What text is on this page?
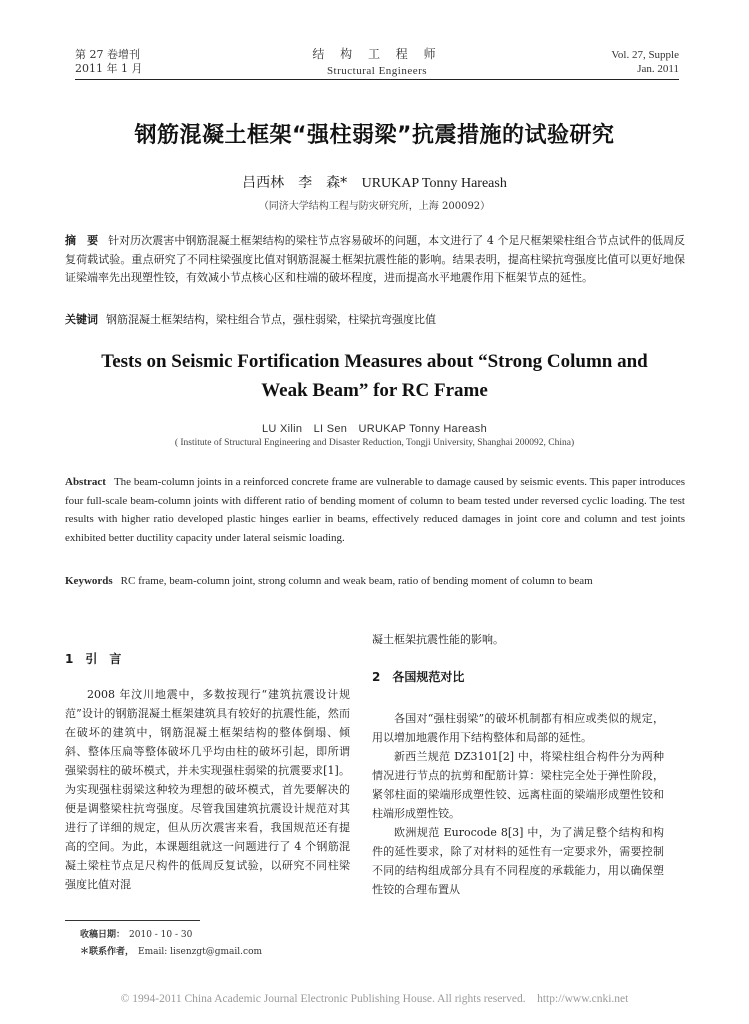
第 27 卷增刊
2011 年 1 月
结 构 工 程 师
Structural Engineers
Vol. 27, Supple
Jan. 2011
钢筋混凝土框架“强柱弱梁”抗震措施的试验研究
吕西林　李　森* URUKAP Tonny Hareash
（同济大学结构工程与防灾研究所，上海 200092）
摘　要 针对历次震害中钢筋混凝土框架结构的梁柱节点容易破坏的问题，本文进行了 4 个足尺框架梁柱组合节点试件的低周反复荷载试验。重点研究了不同柱梁强度比值对钢筋混凝土框架抗震性能的影响。结果表明，提高柱梁抗弯强度比值可以更好地保证梁端率先出现塑性铰，有效减小节点核心区和柱端的破坏程度，进而提高水平地震作用下框架节点的延性。
关键词 钢筋混凝土框架结构，梁柱组合节点，强柱弱梁，柱梁抗弯强度比值
Tests on Seismic Fortification Measures about “Strong Column and
Weak Beam” for RC Frame
LU Xilin　LI Sen　URUKAP Tonny Hareash
( Institute of Structural Engineering and Disaster Reduction, Tongji University, Shanghai 200092, China)
Abstract The beam-column joints in a reinforced concrete frame are vulnerable to damage caused by seismic events. This paper introduces four full-scale beam-column joints with different ratio of bending moment of column to beam tested under reversed cyclic loading. The test results with higher ratio developed plastic hinges earlier in beams, effectively reduced damages in joint core and column and test joints exhibited better ductility capacity under lateral seismic loading.
Keywords RC frame, beam-column joint, strong column and weak beam, ratio of bending moment of column to beam
1　引　言
2008 年汶川地震中，多数按现行“建筑抗震设计规范”设计的钢筋混凝土框架建筑具有较好的抗震性能，然而在破坏的建筑中，钢筋混凝土框架结构的整体倒塌、倾斜、整体压扁等整体破坏几乎均由柱的破坏引起，即所谓强梁弱柱的破坏模式，并未实现强柱弱梁的抗震要求[1]。为实现强柱弱梁这种较为理想的破坏模式，首先要解决的便是调整梁柱抗弯强度。尽管我国建筑抗震设计规范对其进行了详细的规定，但从历次震害来看，我国规范还有提高的空间。为此，本课题组就这一问题进行了 4 个钢筋混凝土梁柱节点足尺构件的低周反复试验，以研究不同柱梁强度比值对混
凝土框架抗震性能的影响。
2　各国规范对比
各国对“强柱弱梁”的破坏机制都有相应或类似的规定，用以增加地震作用下结构整体和局部的延性。
新西兰规范 DZ3101[2] 中，将梁柱组合构件分为两种情况进行节点的抗剪和配筋计算：梁柱完全处于弹性阶段，紧邻柱面的梁端形成塑性铰、远离柱面的梁端形成塑性铰和柱端形成塑性铰。
欧洲规范 Eurocode 8[3] 中，为了满足整个结构和构件的延性要求，除了对材料的延性有一定要求外，需要控制不同的结构组成部分具有不同程度的承载能力，用以确保塑性铰的合理布置从
收稿日期： 2010 - 10 - 30
＊联系作者， Email: lisenzgt@gmail.com
© 1994-2011 China Academic Journal Electronic Publishing House. All rights reserved.　http://www.cnki.net
